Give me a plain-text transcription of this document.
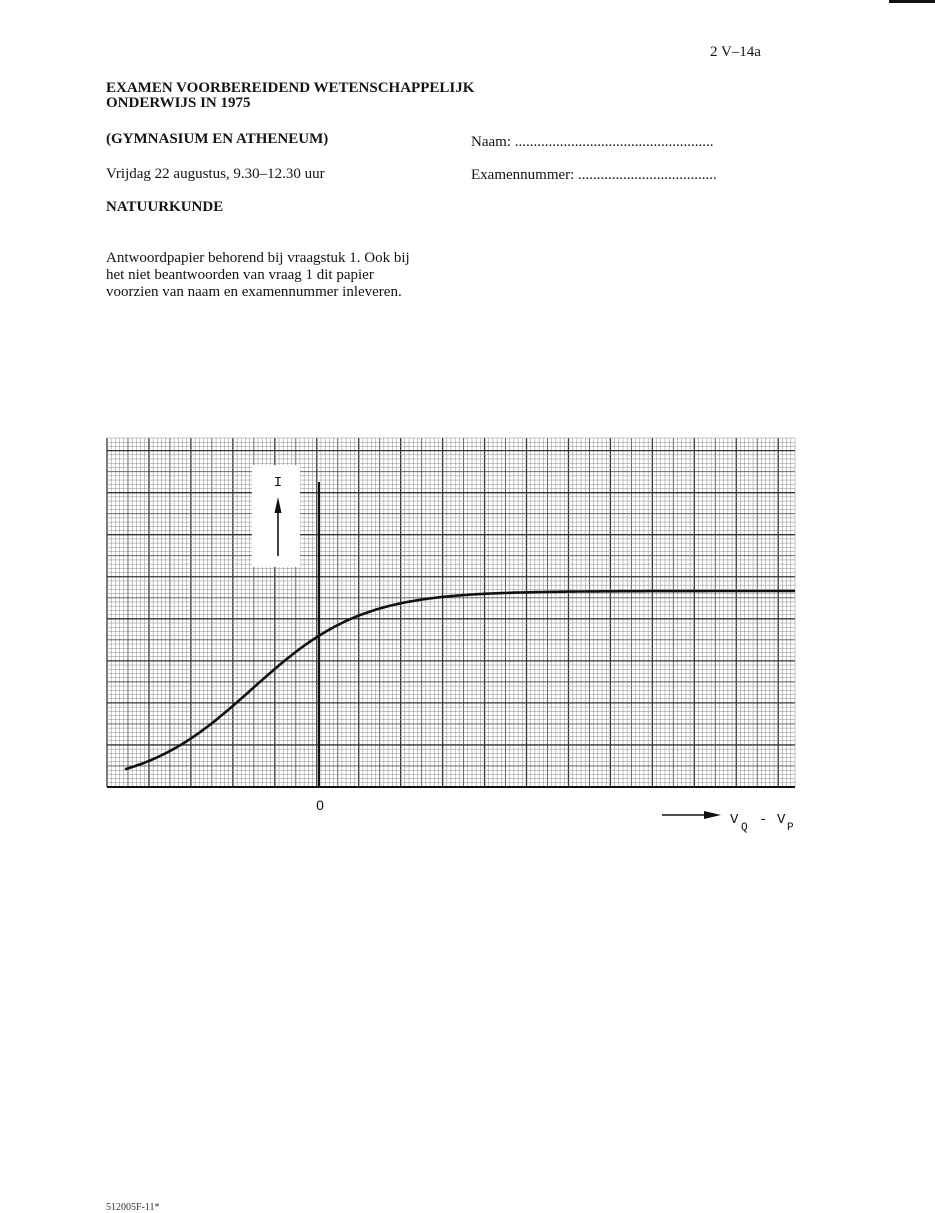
2 V–14a
EXAMEN VOORBEREIDEND WETENSCHAPPELIJK
ONDERWIJS IN 1975
(GYMNASIUM EN ATHENEUM)
Vrijdag 22 augustus, 9.30–12.30 uur
NATUURKUNDE
Naam: .....................................................
Examennummer: .....................................
Antwoordpapier behorend bij vraagstuk 1. Ook bij het niet beantwoorden van vraag 1 dit papier voorzien van naam en examennummer inleveren.
I
0
V Q - V P
512005F-11*
